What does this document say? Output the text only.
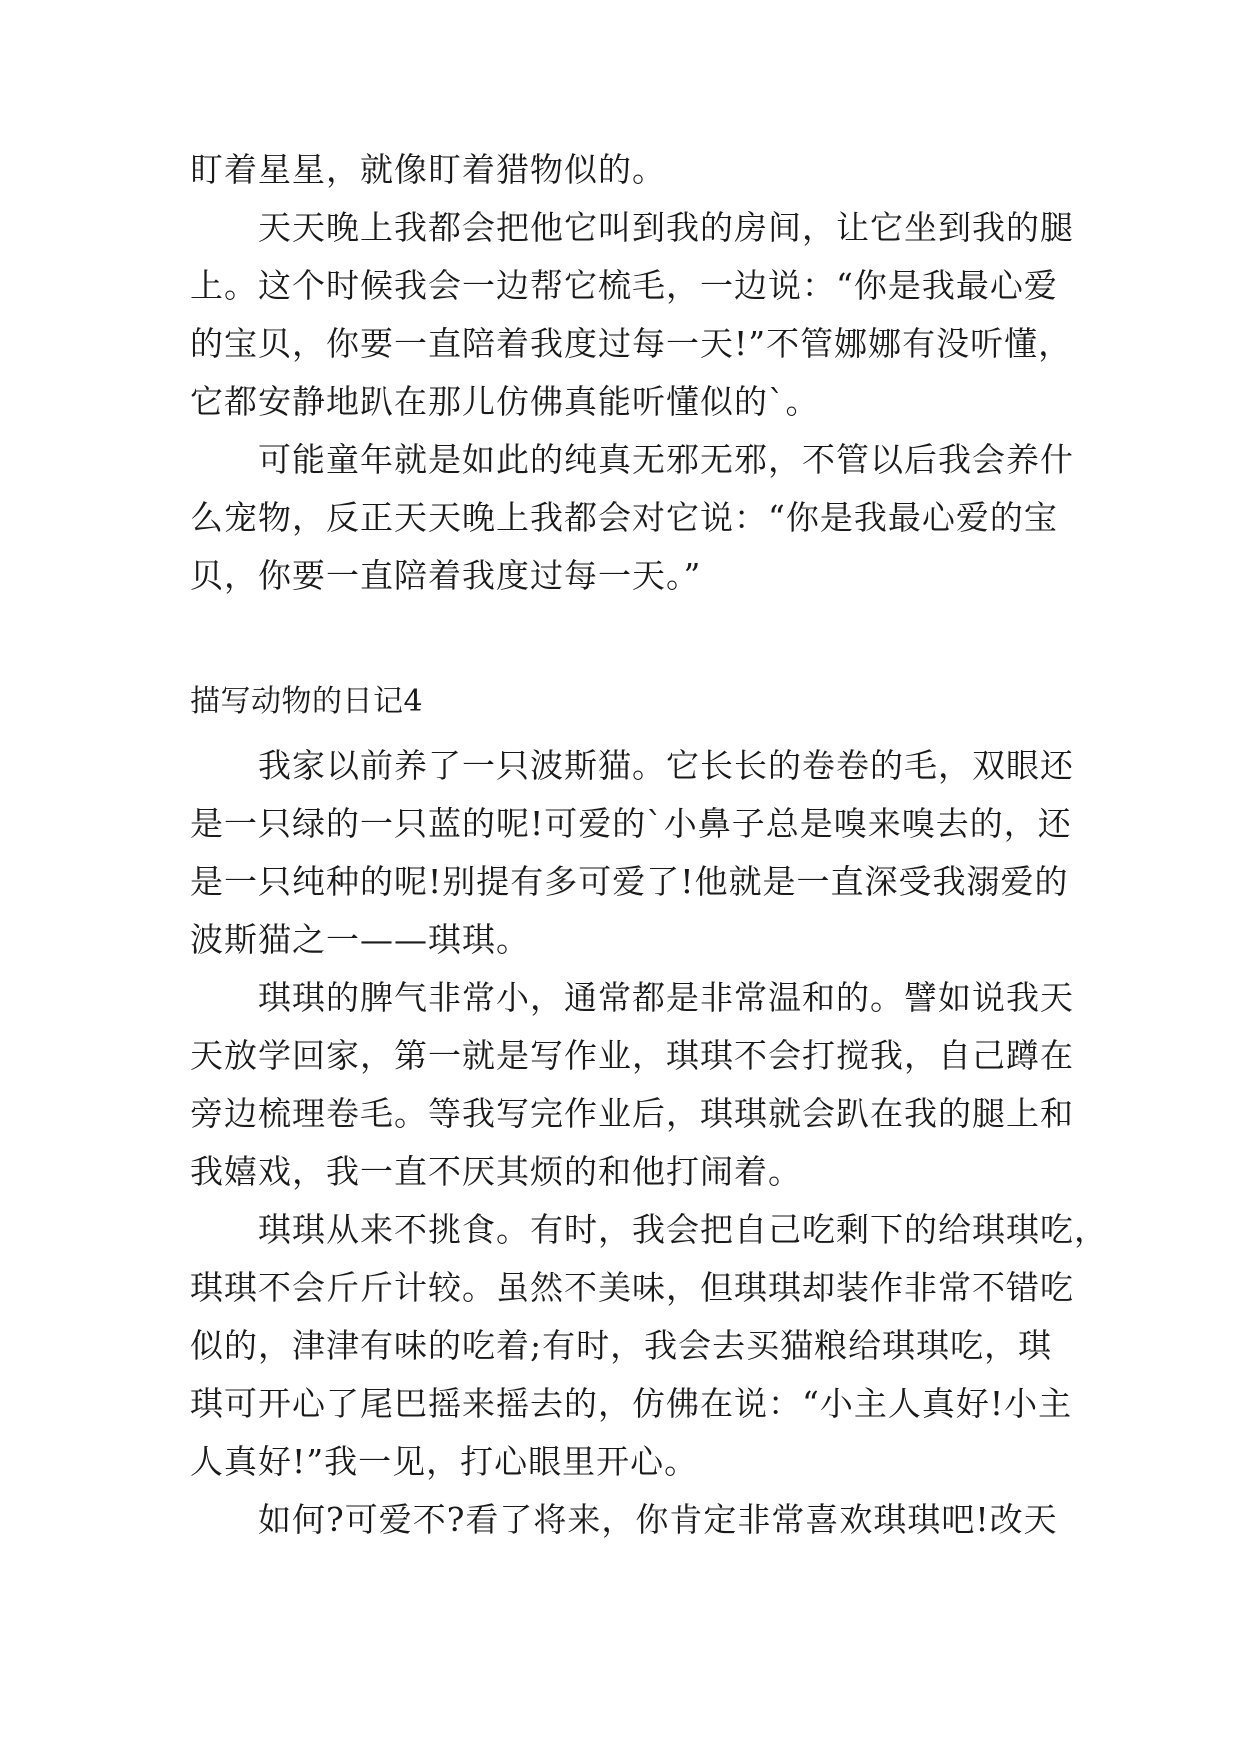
盯着星星，就像盯着猎物似的。
天天晚上我都会把他它叫到我的房间，让它坐到我的腿
上。这个时候我会一边帮它梳毛，一边说：“你是我最心爱
的宝贝，你要一直陪着我度过每一天!”不管娜娜有没听懂，
它都安静地趴在那儿仿佛真能听懂似的`。
可能童年就是如此的纯真无邪无邪，不管以后我会养什
么宠物，反正天天晚上我都会对它说：“你是我最心爱的宝
贝，你要一直陪着我度过每一天。”
描写动物的日记4
我家以前养了一只波斯猫。它长长的卷卷的毛，双眼还
是一只绿的一只蓝的呢!可爱的`小鼻子总是嗅来嗅去的，还
是一只纯种的呢!别提有多可爱了!他就是一直深受我溺爱的
波斯猫之一——琪琪。
琪琪的脾气非常小，通常都是非常温和的。譬如说我天
天放学回家，第一就是写作业，琪琪不会打搅我，自己蹲在
旁边梳理卷毛。等我写完作业后，琪琪就会趴在我的腿上和
我嬉戏，我一直不厌其烦的和他打闹着。
琪琪从来不挑食。有时，我会把自己吃剩下的给琪琪吃，
琪琪不会斤斤计较。虽然不美味，但琪琪却装作非常不错吃
似的，津津有味的吃着;有时，我会去买猫粮给琪琪吃，琪
琪可开心了尾巴摇来摇去的，仿佛在说：“小主人真好!小主
人真好!”我一见，打心眼里开心。
如何?可爱不?看了将来，你肯定非常喜欢琪琪吧!改天
